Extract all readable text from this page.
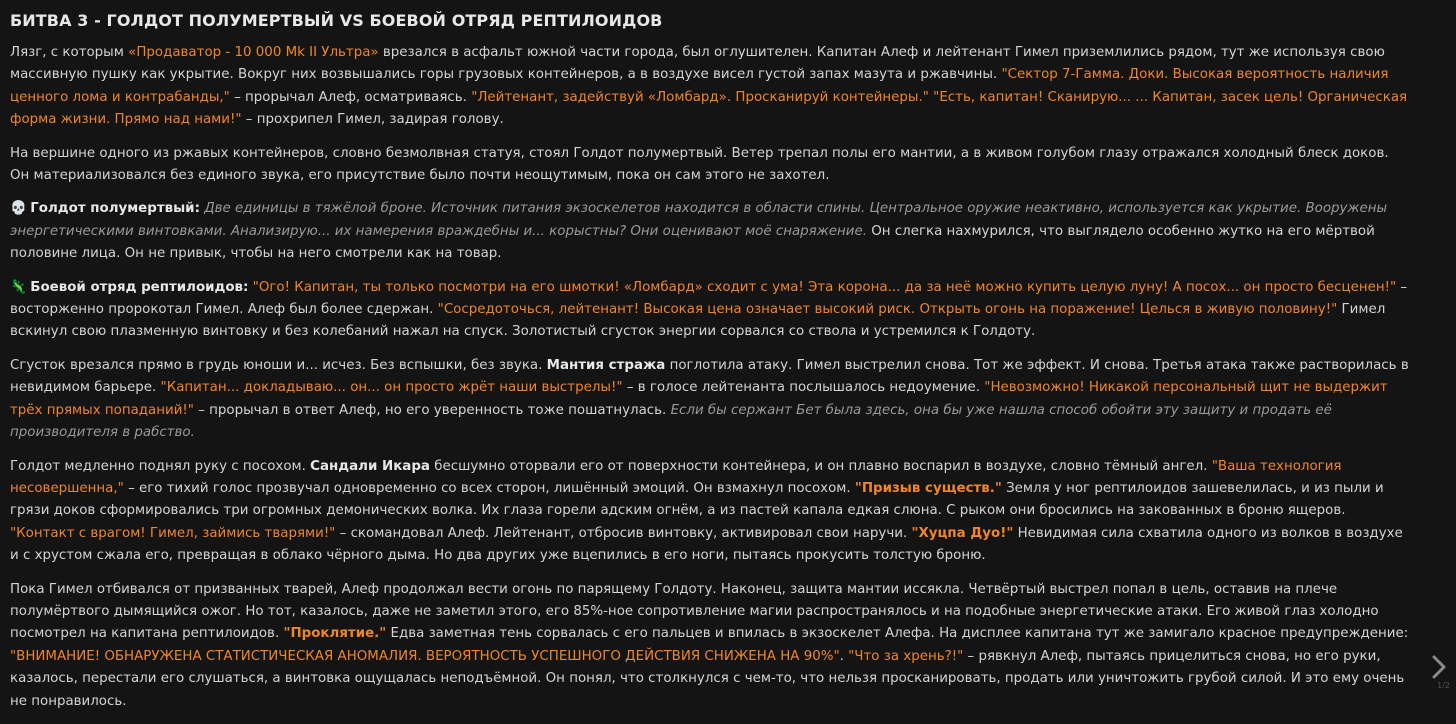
БИТВА 3 - ГОЛДОТ ПОЛУМЕРТВЫЙ VS БОЕВОЙ ОТРЯД РЕПТИЛОИДОВ

Лязг, с которым «Продаватор - 10 000 Mk II Ультра» врезался в асфальт южной части города, был оглушителен. Капитан Алеф и лейтенант Гимел приземлились рядом, тут же используя свою массивную пушку как укрытие. Вокруг них возвышались горы грузовых контейнеров, а в воздухе висел густой запах мазута и ржавчины. "Сектор 7-Гамма. Доки. Высокая вероятность наличия ценного лома и контрабанды," – прорычал Алеф, осматриваясь. "Лейтенант, задействуй «Ломбард». Просканируй контейнеры." "Есть, капитан! Сканирую... ... Капитан, засек цель! Органическая форма жизни. Прямо над нами!" – прохрипел Гимел, задирая голову.

На вершине одного из ржавых контейнеров, словно безмолвная статуя, стоял Голдот полумертвый. Ветер трепал полы его мантии, а в живом голубом глазу отражался холодный блеск доков. Он материализовался без единого звука, его присутствие было почти неощутимым, пока он сам этого не захотел.

💀 Голдот полумертвый: Две единицы в тяжёлой броне. Источник питания экзоскелетов находится в области спины. Центральное оружие неактивно, используется как укрытие. Вооружены энергетическими винтовками. Анализирую... их намерения враждебны и... корыстны? Они оценивают моё снаряжение. Он слегка нахмурился, что выглядело особенно жутко на его мёртвой половине лица. Он не привык, чтобы на него смотрели как на товар.

🦎 Боевой отряд рептилоидов: "Ого! Капитан, ты только посмотри на его шмотки! «Ломбард» сходит с ума! Эта корона... да за неё можно купить целую луну! А посох... он просто бесценен!" – восторженно пророкотал Гимел. Алеф был более сдержан. "Сосредоточься, лейтенант! Высокая цена означает высокий риск. Открыть огонь на поражение! Целься в живую половину!" Гимел вскинул свою плазменную винтовку и без колебаний нажал на спуск. Золотистый сгусток энергии сорвался со ствола и устремился к Голдоту.

Сгусток врезался прямо в грудь юноши и... исчез. Без вспышки, без звука. Мантия стража поглотила атаку. Гимел выстрелил снова. Тот же эффект. И снова. Третья атака также растворилась в невидимом барьере. "Капитан... докладываю... он... он просто жрёт наши выстрелы!" – в голосе лейтенанта послышалось недоумение. "Невозможно! Никакой персональный щит не выдержит трёх прямых попаданий!" – прорычал в ответ Алеф, но его уверенность тоже пошатнулась. Если бы сержант Бет была здесь, она бы уже нашла способ обойти эту защиту и продать её производителя в рабство.

Голдот медленно поднял руку с посохом. Сандали Икара бесшумно оторвали его от поверхности контейнера, и он плавно воспарил в воздухе, словно тёмный ангел. "Ваша технология несовершенна," – его тихий голос прозвучал одновременно со всех сторон, лишённый эмоций. Он взмахнул посохом. "Призыв существ." Земля у ног рептилоидов зашевелилась, и из пыли и грязи доков сформировались три огромных демонических волка. Их глаза горели адским огнём, а из пастей капала едкая слюна. С рыком они бросились на закованных в броню ящеров. "Контакт с врагом! Гимел, займись тварями!" – скомандовал Алеф. Лейтенант, отбросив винтовку, активировал свои наручи. "Хуцпа Дуо!" Невидимая сила схватила одного из волков в воздухе и с хрустом сжала его, превращая в облако чёрного дыма. Но два других уже вцепились в его ноги, пытаясь прокусить толстую броню.

Пока Гимел отбивался от призванных тварей, Алеф продолжал вести огонь по парящему Голдоту. Наконец, защита мантии иссякла. Четвёртый выстрел попал в цель, оставив на плече полумёртвого дымящийся ожог. Но тот, казалось, даже не заметил этого, его 85%-ное сопротивление магии распространялось и на подобные энергетические атаки. Его живой глаз холодно посмотрел на капитана рептилоидов. "Проклятие." Едва заметная тень сорвалась с его пальцев и впилась в экзоскелет Алефа. На дисплее капитана тут же замигало красное предупреждение: "ВНИМАНИЕ! ОБНАРУЖЕНА СТАТИСТИЧЕСКАЯ АНОМАЛИЯ. ВЕРОЯТНОСТЬ УСПЕШНОГО ДЕЙСТВИЯ СНИЖЕНА НА 90%". "Что за хрень?!" – рявкнул Алеф, пытаясь прицелиться снова, но его руки, казалось, перестали его слушаться, а винтовка ощущалась неподъёмной. Он понял, что столкнулся с чем-то, что нельзя просканировать, продать или уничтожить грубой силой. И это ему очень не понравилось.

1/2
